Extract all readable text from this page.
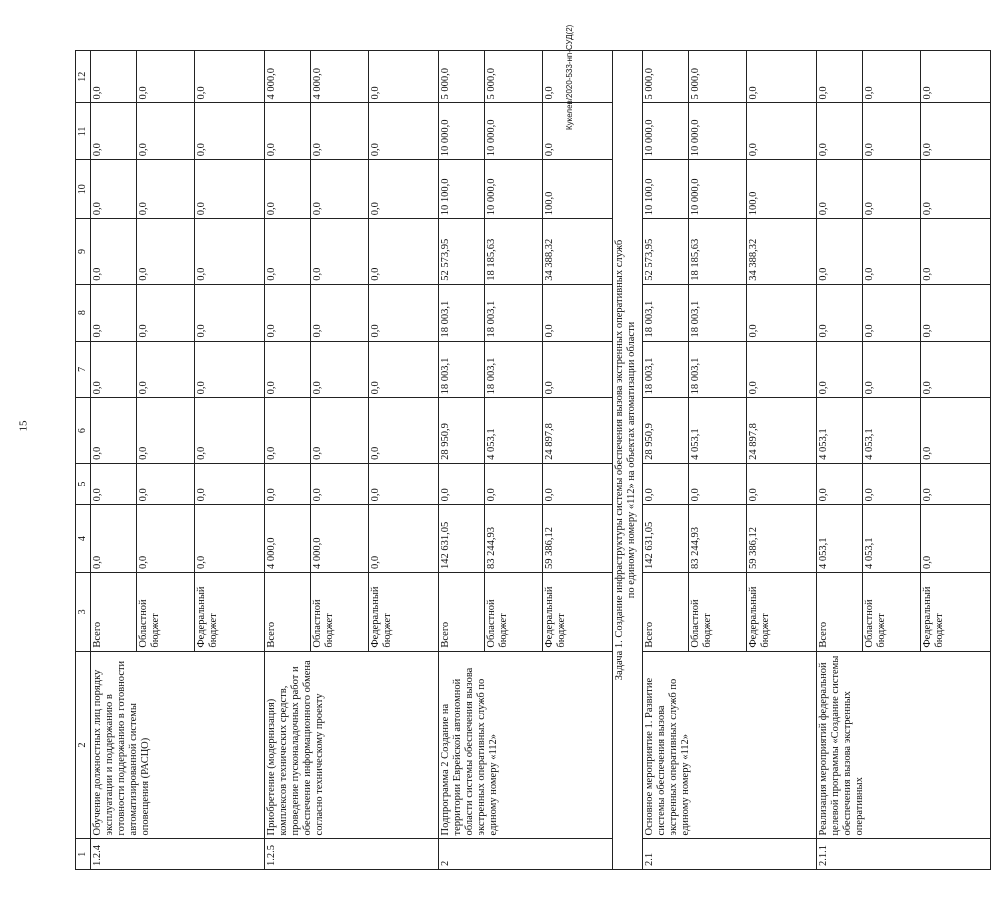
15
Кукелев/2020-533-нп-СУД(2)
1	2	3	4	5	6	7	8	9	10	11	12
1.2.4	Обучение должностных лиц порядку эксплуатации и поддержанию в готовности поддержанию в готовности автоматизированной системы оповещения (РАСЦО)	Всего	0,0	0,0	0,0	0,0	0,0	0,0	0,0	0,0	0,0
		Областной бюджет	0,0	0,0	0,0	0,0	0,0	0,0	0,0	0,0	0,0
		Федеральный бюджет	0,0	0,0	0,0	0,0	0,0	0,0	0,0	0,0	0,0
1.2.5	Приобретение (модернизация) комплексов технических средств, проведение пусконаладочных работ и обеспечение информационного обмена согласно техническому проекту	Всего	4 000,0	0,0	0,0	0,0	0,0	0,0	0,0	0,0	4 000,0
		Областной бюджет	4 000,0	0,0	0,0	0,0	0,0	0,0	0,0	0,0	4 000,0
		Федеральный бюджет	0,0	0,0	0,0	0,0	0,0	0,0	0,0	0,0	0,0
2	Подпрограмма 2 Создание на территории Еврейской автономной области системы обеспечения вызова экстренных оперативных служб по единому номеру «112»	Всего	142 631,05	0,0	28 950,9	18 003,1	18 003,1	52 573,95	10 100,0	10 000,0	5 000,0
		Областной бюджет	83 244,93	0,0	4 053,1	18 003,1	18 003,1	18 185,63	10 000,0	10 000,0	5 000,0
		Федеральный бюджет	59 386,12	0,0	24 897,8	0,0	0,0	34 388,32	100,0	0,0	0,0

Задача 1. Создание инфраструктуры системы обеспечения вызова экстренных оперативных служб по единому номеру «112» на объектах автоматизации области											

2.1	Основное мероприятие 1. Развитие системы обеспечения вызова экстренных оперативных служб по единому номеру «112»	Всего	142 631,05	0,0	28 950,9	18 003,1	18 003,1	52 573,95	10 100,0	10 000,0	5 000,0
		Областной бюджет	83 244,93	0,0	4 053,1	18 003,1	18 003,1	18 185,63	10 000,0	10 000,0	5 000,0
		Федеральный бюджет	59 386,12	0,0	24 897,8	0,0	0,0	34 388,32	100,0	0,0	0,0
2.1.1	Реализация мероприятий федеральной целевой программы «Создание системы обеспечения вызова экстренных оперативных	Всего	4 053,1	0,0	4 053,1	0,0	0,0	0,0	0,0	0,0	0,0
		Областной бюджет	4 053,1	0,0	4 053,1	0,0	0,0	0,0	0,0	0,0	0,0
		Федеральный бюджет	0,0	0,0	0,0	0,0	0,0	0,0	0,0	0,0	0,0
